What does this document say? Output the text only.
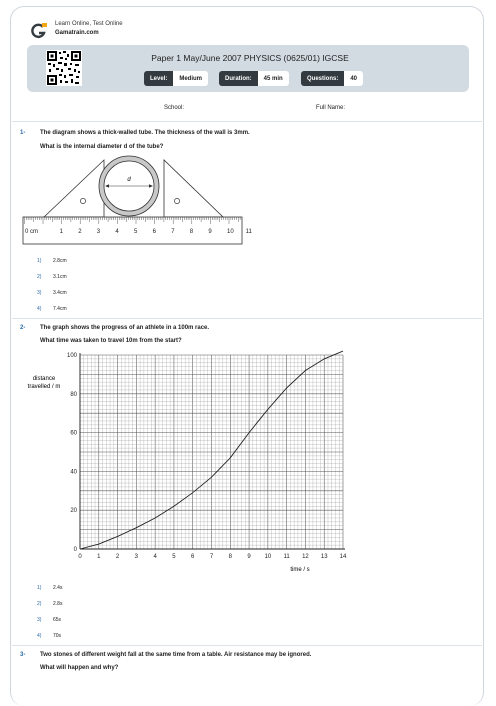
Learn Online, Test Online
Gamatrain.com
Paper 1 May/June 2007 PHYSICS (0625/01) IGCSE
Level:	Medium	Duration:	45 min	Questions:	40
School:	Full Name:
1- The diagram shows a thick-walled tube. The thickness of the wall is 3mm.
What is the internal diameter d of the tube?
d
0 cm	1	2	3	4	5	6	7	8	9	10 11
1) 2.8cm
2) 3.1cm
3) 3.4cm
4) 7.4cm
2- The graph shows the progress of an athlete in a 100m race.
What time was taken to travel 10m from the start?
0
20
40
60
80
100
0	1	2	3	4	5	6	7	8	9 10 11 12 13 14
distance
travelled / m
time / s
1) 2.4s
2) 2.8s
3) 65s
4) 70s
3- Two stones of different weight fall at the same time from a table. Air resistance may be ignored.
What will happen and why?
